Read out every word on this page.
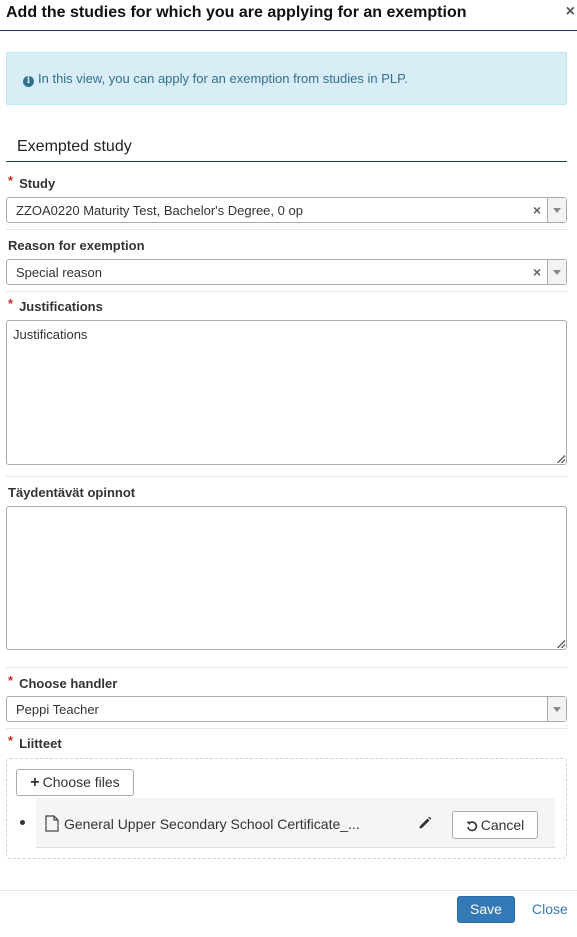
Add the studies for which you are applying for an exemption	×
i In this view, you can apply for an exemption from studies in PLP.
Exempted study
* Study
ZZOA0220 Maturity Test, Bachelor's Degree, 0 op	×
Reason for exemption
Special reason	×
* Justifications
Justifications
Täydentävät opinnot
* Choose handler
Peppi Teacher
* Liitteet
+ Choose files
General Upper Secondary School Certificate_...	Cancel
Save	Close
